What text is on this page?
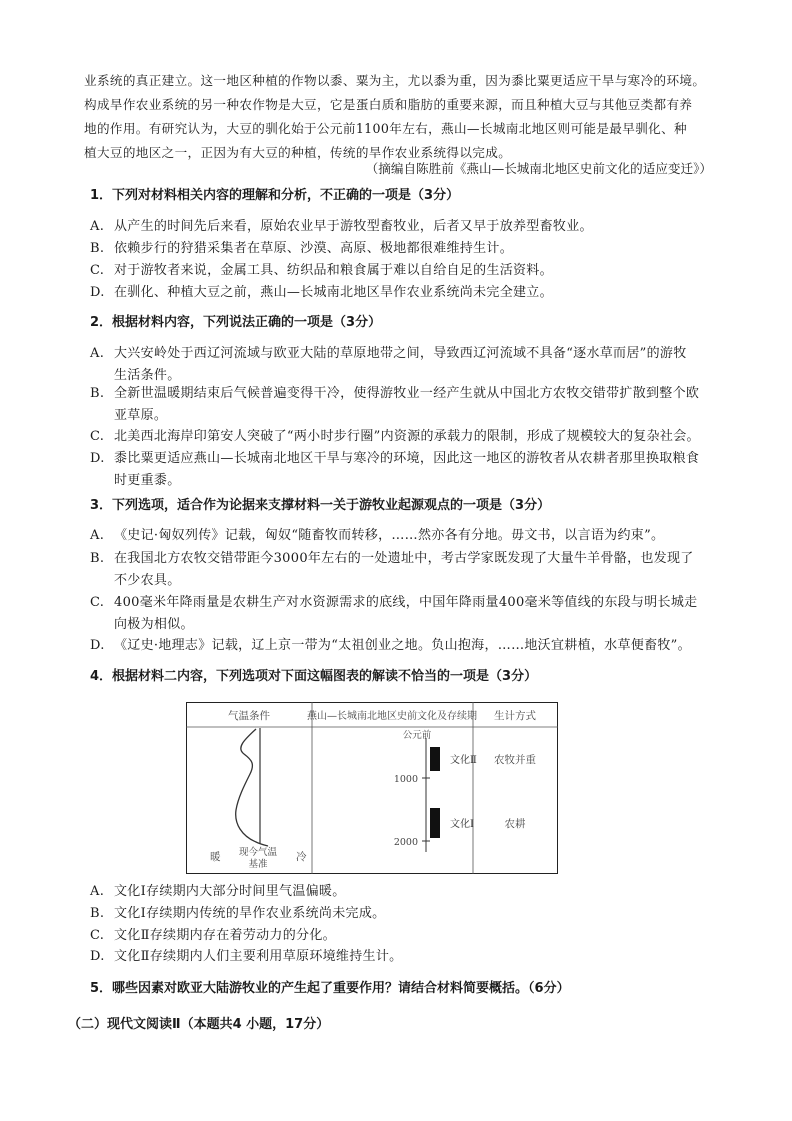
业系统的真正建立。这一地区种植的作物以黍、粟为主，尤以黍为重，因为黍比粟更适应干旱与寒冷的环境。
构成旱作农业系统的另一种农作物是大豆，它是蛋白质和脂肪的重要来源，而且种植大豆与其他豆类都有养
地的作用。有研究认为，大豆的驯化始于公元前1100年左右，燕山—长城南北地区则可能是最早驯化、种
植大豆的地区之一，正因为有大豆的种植，传统的旱作农业系统得以完成。
（摘编自陈胜前《燕山—长城南北地区史前文化的适应变迁》）
1．下列对材料相关内容的理解和分析，不正确的一项是（3分）
A. 从产生的时间先后来看，原始农业早于游牧型畜牧业，后者又早于放养型畜牧业。
B. 依赖步行的狩猎采集者在草原、沙漠、高原、极地都很难维持生计。
C. 对于游牧者来说，金属工具、纺织品和粮食属于难以自给自足的生活资料。
D. 在驯化、种植大豆之前，燕山—长城南北地区旱作农业系统尚未完全建立。
2．根据材料内容，下列说法正确的一项是（3分）
A. 大兴安岭处于西辽河流域与欧亚大陆的草原地带之间，导致西辽河流域不具备“逐水草而居”的游牧
生活条件。
B. 全新世温暖期结束后气候普遍变得干冷，使得游牧业一经产生就从中国北方农牧交错带扩散到整个欧
亚草原。
C. 北美西北海岸印第安人突破了“两小时步行圈”内资源的承载力的限制，形成了规模较大的复杂社会。
D. 黍比粟更适应燕山—长城南北地区干旱与寒冷的环境，因此这一地区的游牧者从农耕者那里换取粮食
时更重黍。
3．下列选项，适合作为论据来支撑材料一关于游牧业起源观点的一项是（3分）
A. 《史记·匈奴列传》记载，匈奴“随畜牧而转移，……然亦各有分地。毋文书，以言语为约束”。
B. 在我国北方农牧交错带距今3000年左右的一处遗址中，考古学家既发现了大量牛羊骨骼，也发现了
不少农具。
C. 400毫米年降雨量是农耕生产对水资源需求的底线，中国年降雨量400毫米等值线的东段与明长城走
向极为相似。
D. 《辽史·地理志》记载，辽上京一带为“太祖创业之地。负山抱海，……地沃宜耕植，水草便畜牧”。
4．根据材料二内容，下列选项对下面这幅图表的解读不恰当的一项是（3分）
气温条件	燕山—长城南北地区史前文化及存续期 生计方式
暖	冷
现今气温
基准
公元前
1000
2000
文化Ⅱ
文化Ⅰ
农牧并重
农耕
A. 文化Ⅰ存续期内大部分时间里气温偏暖。
B. 文化Ⅰ存续期内传统的旱作农业系统尚未完成。
C. 文化Ⅱ存续期内存在着劳动力的分化。
D. 文化Ⅱ存续期内人们主要利用草原环境维持生计。
5．哪些因素对欧亚大陆游牧业的产生起了重要作用？请结合材料简要概括。（6分）
（二）现代文阅读Ⅱ（本题共4 小题，17分）
